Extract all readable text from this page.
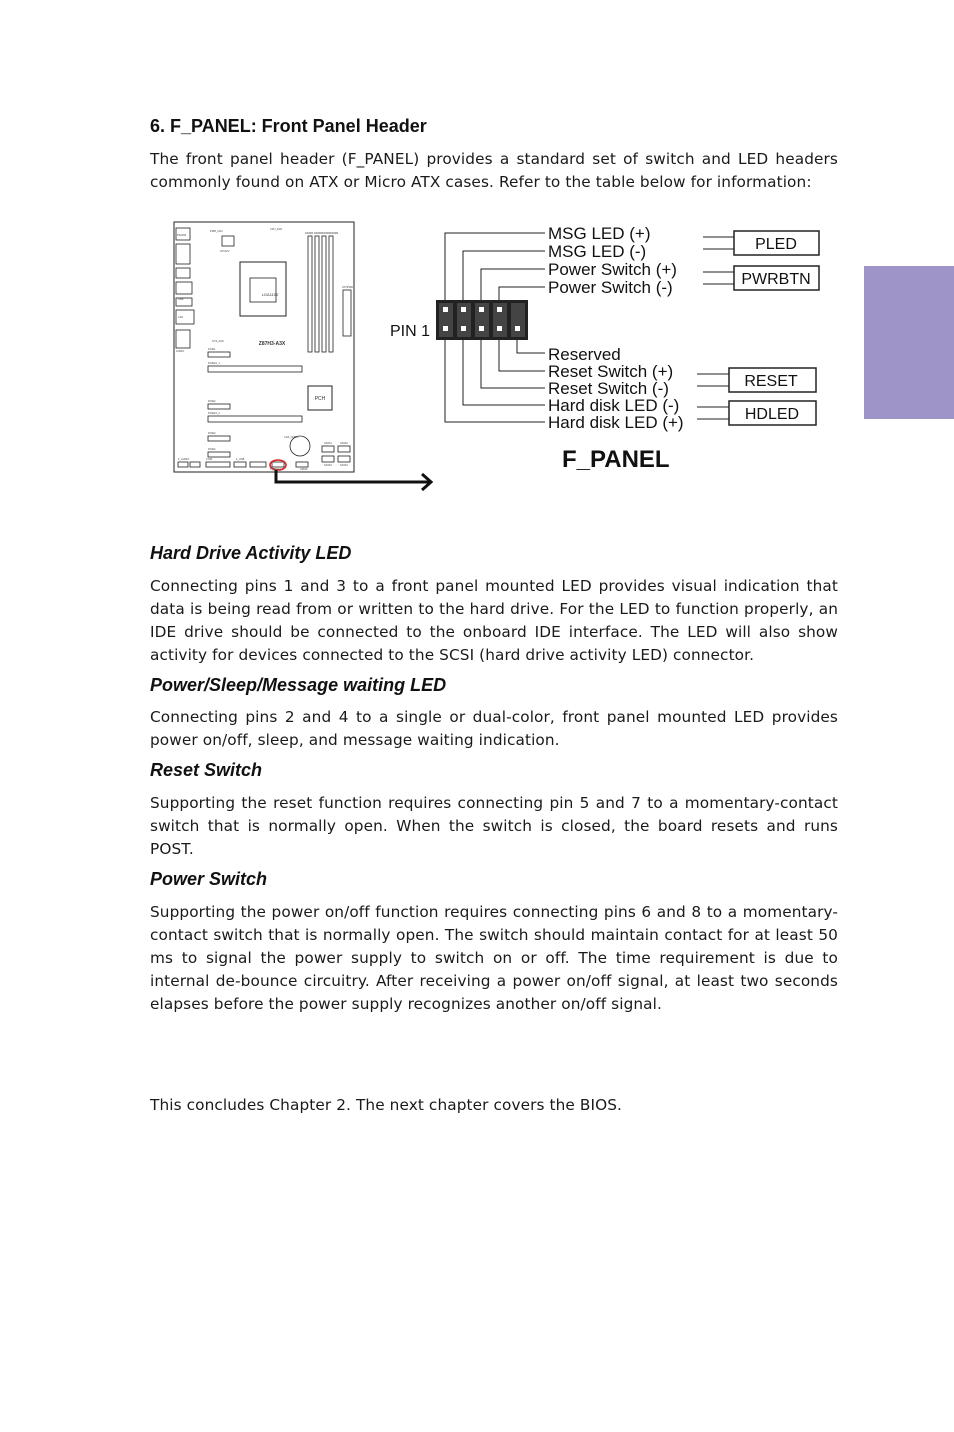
6. F_PANEL: Front Panel Header

The front panel header (F_PANEL) provides a standard set of switch and LED headers commonly found on ATX or Micro ATX cases. Refer to the table below for information:

LGA1150
Z87H3-A3X
PCH
PIN 1
MSG LED (+)
MSG LED (-)
Power Switch (+)
Power Switch (-)
Reserved
Reset Switch (+)
Reset Switch (-)
Hard disk LED (-)
Hard disk LED (+)
PLED
PWRBTN
RESET
HDLED
F_PANEL
PS/2KB
PWR_FAN
ATX12V
CPU_FAN
DIMM1 DIMM2 DIMM3 DIMM4
PCIE1
PCIE16_1
PCIE2
PCIE16_2
PCIE3
PCIE4
USB
LAN
AUDIO
SYS_FAN
CLR_CMOS
SATA1	SATA2
SATA3	SATA4
F_PANEL
ATXPWR
F_AUDIO	F_USB
COM
SPDIF
Hard Drive Activity LED

Connecting pins 1 and 3 to a front panel mounted LED provides visual indication that data is being read from or written to the hard drive. For the LED to function properly, an IDE drive should be connected to the onboard IDE interface. The LED will also show activity for devices connected to the SCSI (hard drive activity LED) connector.

Power/Sleep/Message waiting LED

Connecting pins 2 and 4 to a single or dual-color, front panel mounted LED provides power on/off, sleep, and message waiting indication.

Reset Switch

Supporting the reset function requires connecting pin 5 and 7 to a momentary-contact switch that is normally open. When the switch is closed, the board resets and runs POST.

Power Switch

Supporting the power on/off function requires connecting pins 6 and 8 to a momentary-contact switch that is normally open. The switch should maintain contact for at least 50 ms to signal the power supply to switch on or off. The time requirement is due to internal de-bounce circuitry. After receiving a power on/off signal, at least two seconds elapses before the power supply recognizes another on/off signal.

This concludes Chapter 2. The next chapter covers the BIOS.
